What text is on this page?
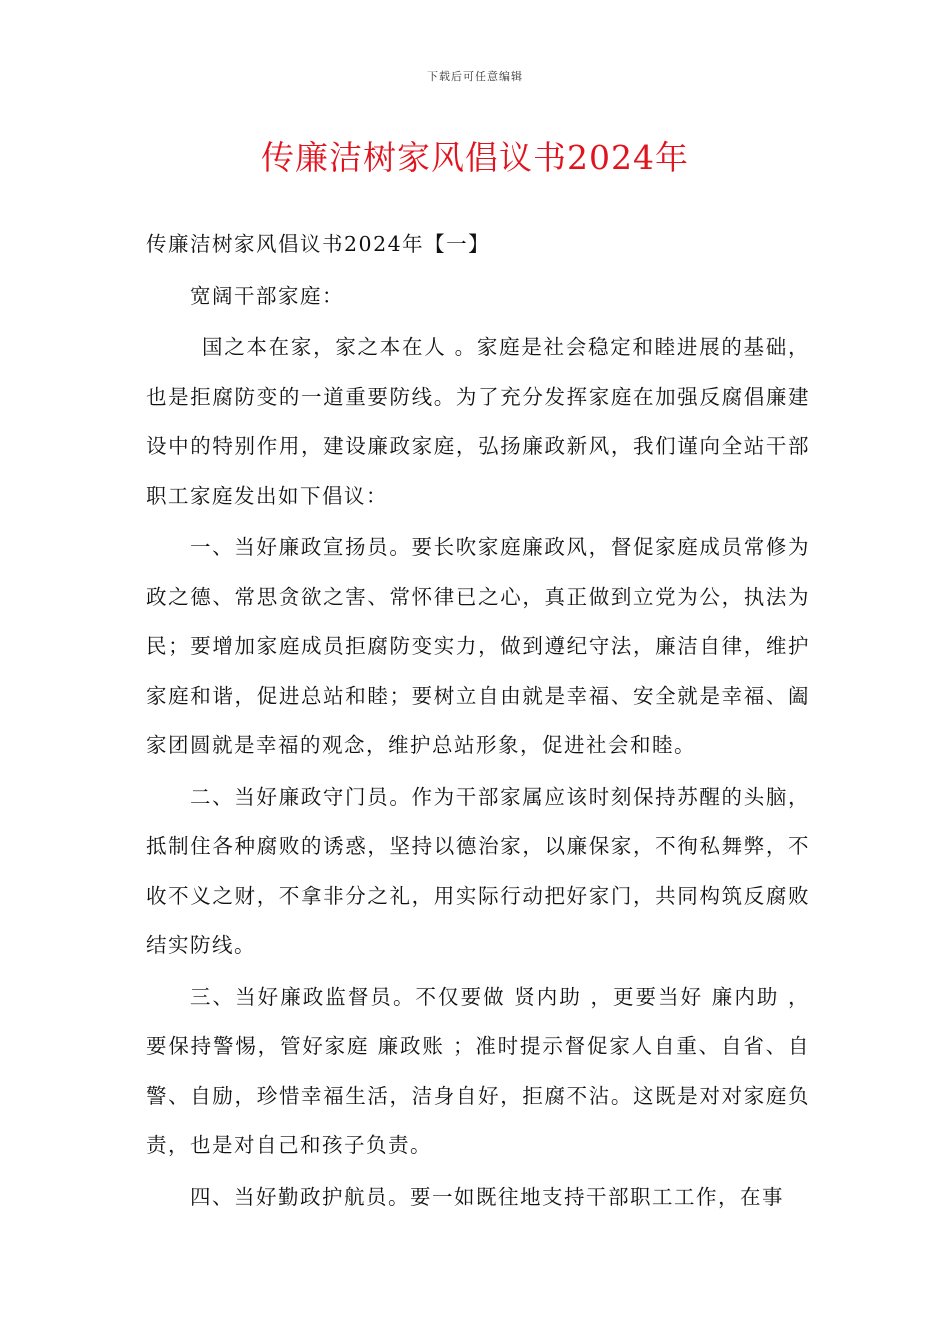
下载后可任意编辑
传廉洁树家风倡议书2024年

传廉洁树家风倡议书2024年【一】

宽阔干部家庭：

国之本在家，家之本在人 。家庭是社会稳定和睦进展的基础，也是拒腐防变的一道重要防线。为了充分发挥家庭在加强反腐倡廉建设中的特别作用，建设廉政家庭，弘扬廉政新风，我们谨向全站干部职工家庭发出如下倡议：

一、当好廉政宣扬员。要长吹家庭廉政风，督促家庭成员常修为政之德、常思贪欲之害、常怀律已之心，真正做到立党为公，执法为民；要增加家庭成员拒腐防变实力，做到遵纪守法，廉洁自律，维护家庭和谐，促进总站和睦；要树立自由就是幸福、安全就是幸福、阖家团圆就是幸福的观念，维护总站形象，促进社会和睦。

二、当好廉政守门员。作为干部家属应该时刻保持苏醒的头脑，抵制住各种腐败的诱惑，坚持以德治家，以廉保家，不徇私舞弊，不收不义之财，不拿非分之礼，用实际行动把好家门，共同构筑反腐败结实防线。

三、当好廉政监督员。不仅要做 贤内助 ，更要当好 廉内助 ，要保持警惕，管好家庭 廉政账 ；准时提示督促家人自重、自省、自警、自励，珍惜幸福生活，洁身自好，拒腐不沾。这既是对对家庭负责，也是对自己和孩子负责。

四、当好勤政护航员。要一如既往地支持干部职工工作，在事
